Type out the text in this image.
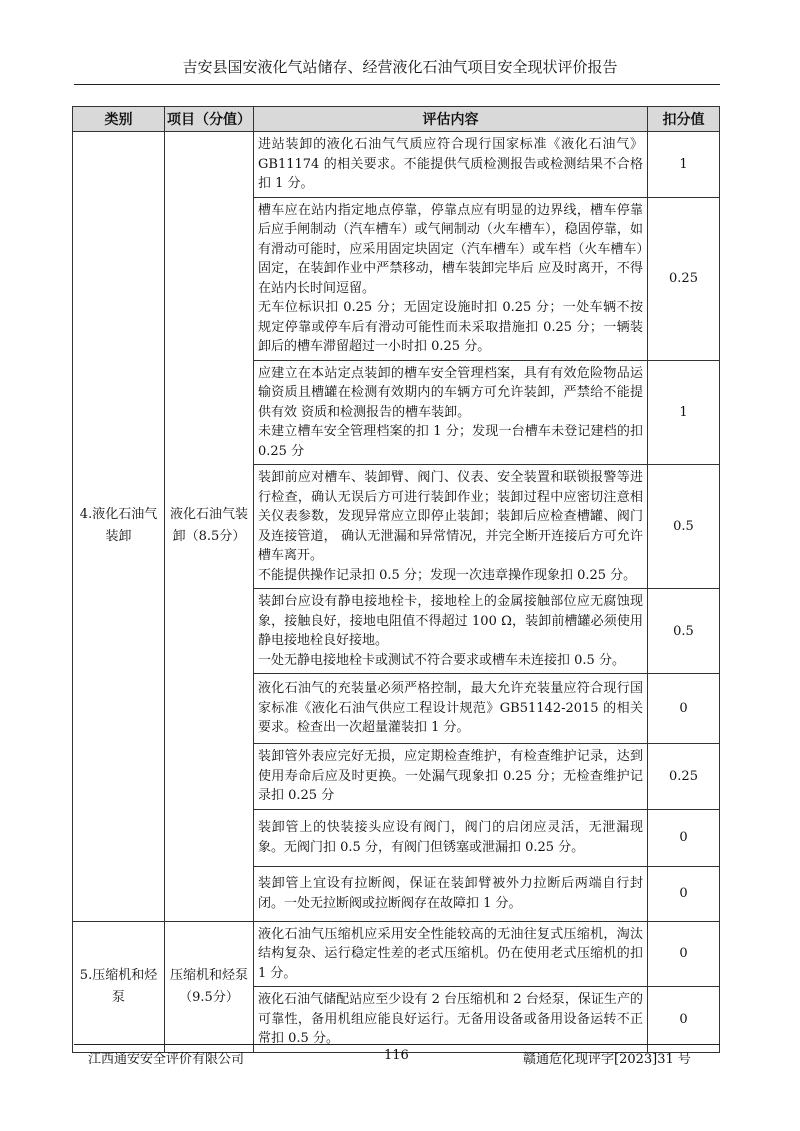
吉安县国安液化气站储存、经营液化石油气项目安全现状评价报告
类别	项目（分值）	评估内容	扣分值
4.液化石油气装卸	液化石油气装卸（8.5分）	进站装卸的液化石油气气质应符合现行国家标准《液化石油气》GB11174 的相关要求。不能提供气质检测报告或检测结果不合格扣 1 分。	1

		槽车应在站内指定地点停靠，停靠点应有明显的边界线，槽车停靠后应手闸制动（汽车槽车）或气闸制动（火车槽车），稳固停靠，如有滑动可能时，应采用固定块固定（汽车槽车）或车档（火车槽车）固定，在装卸作业中严禁移动，槽车装卸完毕后 应及时离开，不得在站内长时间逗留。

无车位标识扣 0.25 分；无固定设施时扣 0.25 分；一处车辆不按规定停靠或停车后有滑动可能性而未采取措施扣 0.25 分；一辆装卸后的槽车滞留超过一小时扣 0.25 分。	0.25

		应建立在本站定点装卸的槽车安全管理档案，具有有效危险物品运 输资质且槽罐在检测有效期内的车辆方可允许装卸，严禁给不能提供有效 资质和检测报告的槽车装卸。

未建立槽车安全管理档案的扣 1 分；发现一台槽车未登记建档的扣 0.25 分	1

		装卸前应对槽车、装卸臂、阀门、仪表、安全装置和联锁报警等进行检查，确认无误后方可进行装卸作业；装卸过程中应密切注意相关仪表参数，发现异常应立即停止装卸；装卸后应检查槽罐、阀门及连接管道， 确认无泄漏和异常情况，并完全断开连接后方可允许槽车离开。

不能提供操作记录扣 0.5 分；发现一次违章操作现象扣 0.25 分。	0.5

		装卸台应设有静电接地栓卡，接地栓上的金属接触部位应无腐蚀现象，接触良好，接地电阻值不得超过 100 Ω，装卸前槽罐必须使用静电接地栓良好接地。

一处无静电接地栓卡或测试不符合要求或槽车未连接扣 0.5 分。	0.5

		液化石油气的充装量必须严格控制，最大允许充装量应符合现行国家标准《液化石油气供应工程设计规范》GB51142-2015 的相关要求。检查出一次超量灌装扣 1 分。	0

		装卸管外表应完好无损，应定期检查维护，有检查维护记录，达到使用寿命后应及时更换。一处漏气现象扣 0.25 分；无检查维护记录扣 0.25 分	0.25

		装卸管上的快装接头应设有阀门，阀门的启闭应灵活，无泄漏现象。无阀门扣 0.5 分，有阀门但锈塞或泄漏扣 0.25 分。	0

		装卸管上宜设有拉断阀，保证在装卸臂被外力拉断后两端自行封闭。一处无拉断阀或拉断阀存在故障扣 1 分。	0
5.压缩机和烃泵	压缩机和烃泵（9.5分）	液化石油气压缩机应采用安全性能较高的无油往复式压缩机，淘汰结构复杂、运行稳定性差的老式压缩机。仍在使用老式压缩机的扣 1 分。	0

		液化石油气储配站应至少设有 2 台压缩机和 2 台烃泵，保证生产的可靠性，备用机组应能良好运行。无备用设备或备用设备运转不正常扣 0.5 分。	0
江西通安安全评价有限公司	116	赣通危化现评字[2023]31 号
